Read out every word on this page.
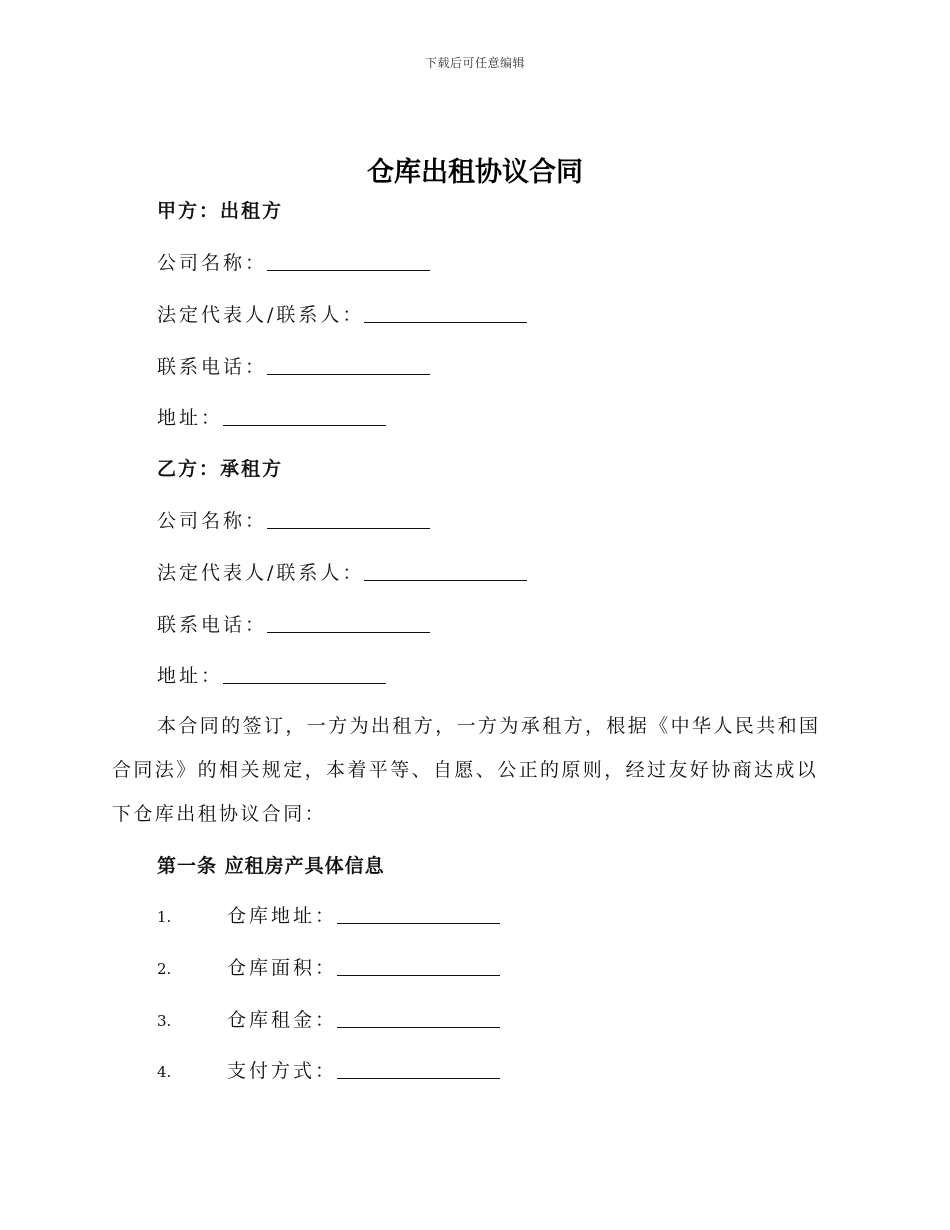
下载后可任意编辑
仓库出租协议合同
甲方：出租方
公司名称：
法定代表人/联系人：
联系电话：
地址：
乙方：承租方
公司名称：
法定代表人/联系人：
联系电话：
地址：

本合同的签订，一方为出租方，一方为承租方，根据《中华人民共和国合同法》的相关规定，本着平等、自愿、公正的原则，经过友好协商达成以下仓库出租协议合同：

第一条 应租房产具体信息
1.	仓库地址：
2.	仓库面积：
3.	仓库租金：
4.	支付方式：
